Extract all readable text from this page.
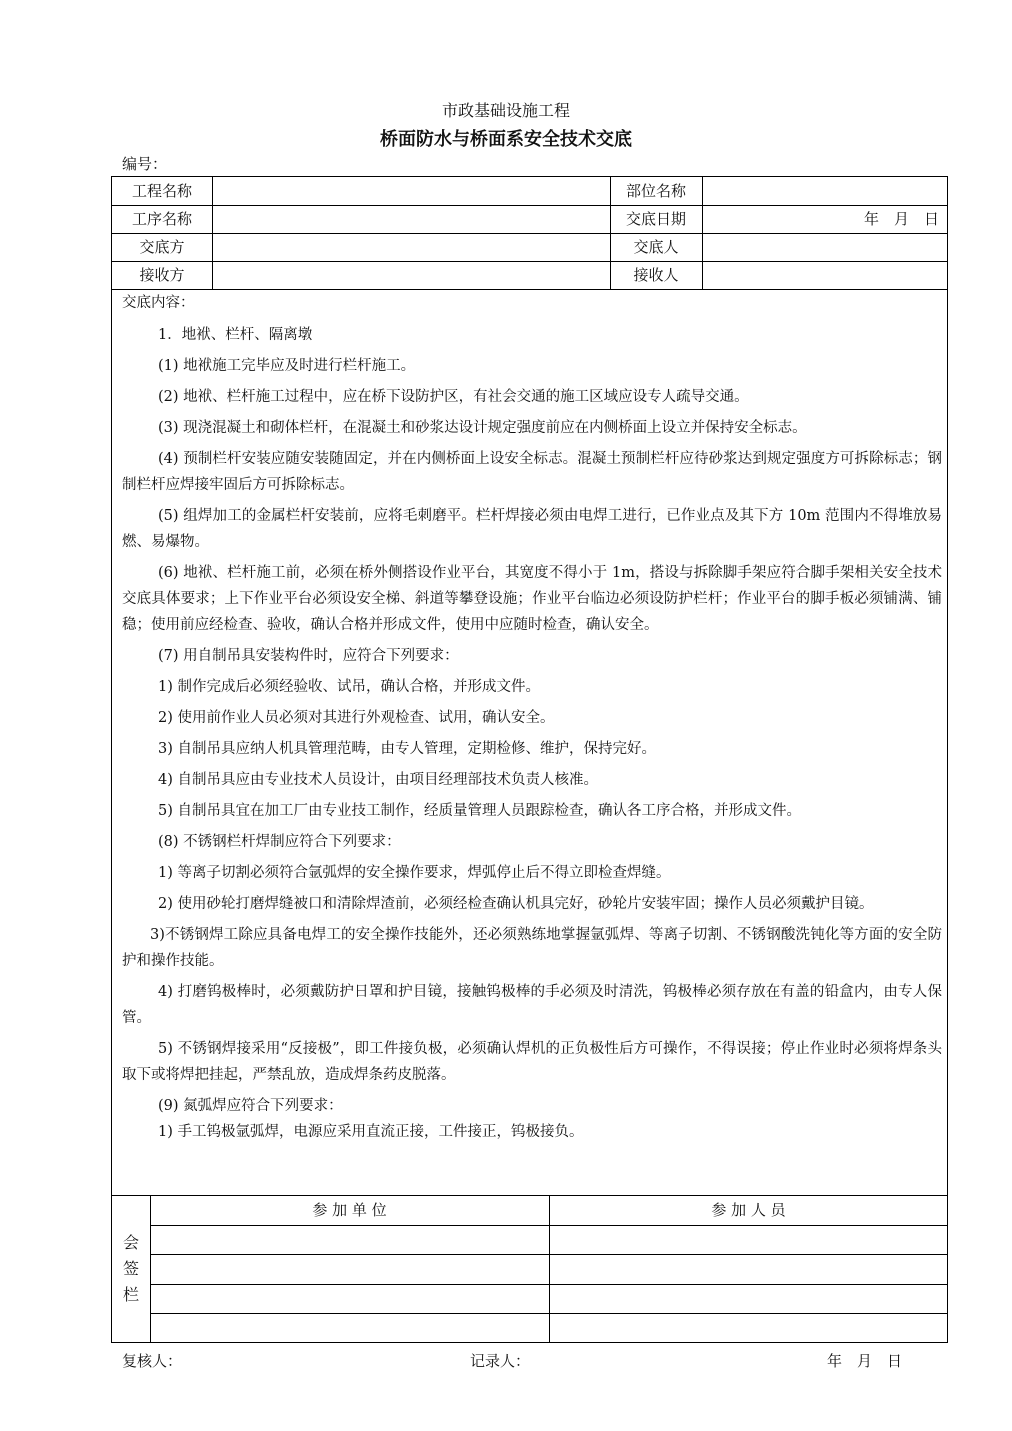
市政基础设施工程
桥面防水与桥面系安全技术交底
编号：
工程名称	部位名称
工序名称	交底日期	年　月　日
交底方	交底人
接收方	接收人
参 加 单 位	参 加 人 员

交底内容：

1．地袱、栏杆、隔离墩

(1) 地袱施工完毕应及时进行栏杆施工。

(2) 地袱、栏杆施工过程中，应在桥下设防护区，有社会交通的施工区域应设专人疏导交通。

(3) 现浇混凝土和砌体栏杆，在混凝土和砂浆达设计规定强度前应在内侧桥面上设立并保持安全标志。

(4) 预制栏杆安装应随安装随固定，并在内侧桥面上设安全标志。混凝土预制栏杆应待砂浆达到规定强度方可拆除标志；钢制栏杆应焊接牢固后方可拆除标志。

(5) 组焊加工的金属栏杆安装前，应将毛刺磨平。栏杆焊接必须由电焊工进行，已作业点及其下方 10m 范围内不得堆放易燃、易爆物。

(6) 地袱、栏杆施工前，必须在桥外侧搭设作业平台，其宽度不得小于 1m，搭设与拆除脚手架应符合脚手架相关安全技术交底具体要求；上下作业平台必须设安全梯、斜道等攀登设施；作业平台临边必须设防护栏杆；作业平台的脚手板必须铺满、铺稳；使用前应经检查、验收，确认合格并形成文件，使用中应随时检查，确认安全。

(7) 用自制吊具安装构件时，应符合下列要求：

1) 制作完成后必须经验收、试吊，确认合格，并形成文件。

2) 使用前作业人员必须对其进行外观检查、试用，确认安全。

3) 自制吊具应纳人机具管理范畴，由专人管理，定期检修、维护，保持完好。

4) 自制吊具应由专业技术人员设计，由项目经理部技术负责人核准。

5) 自制吊具宜在加工厂由专业技工制作，经质量管理人员跟踪检查，确认各工序合格，并形成文件。

(8) 不锈钢栏杆焊制应符合下列要求：

1) 等离子切割必须符合氩弧焊的安全操作要求，焊弧停止后不得立即检查焊缝。

2) 使用砂轮打磨焊缝被口和清除焊渣前，必须经检查确认机具完好，砂轮片安装牢固；操作人员必须戴护目镜。

3)不锈钢焊工除应具备电焊工的安全操作技能外，还必须熟练地掌握氩弧焊、等离子切割、不锈钢酸洗钝化等方面的安全防护和操作技能。

4) 打磨钨极棒时，必须戴防护日罩和护目镜，接触钨极棒的手必须及时清洗，钨极棒必须存放在有盖的铅盒内，由专人保管。

5) 不锈钢焊接采用“反接极”，即工件接负极，必须确认焊机的正负极性后方可操作，不得误接；停止作业时必须将焊条头取下或将焊把挂起，严禁乱放，造成焊条药皮脱落。

(9) 氮弧焊应符合下列要求：

1) 手工钨极氩弧焊，电源应采用直流正接，工件接正，钨极接负。

会
签
栏
复核人：	记录人：	年　月　日
